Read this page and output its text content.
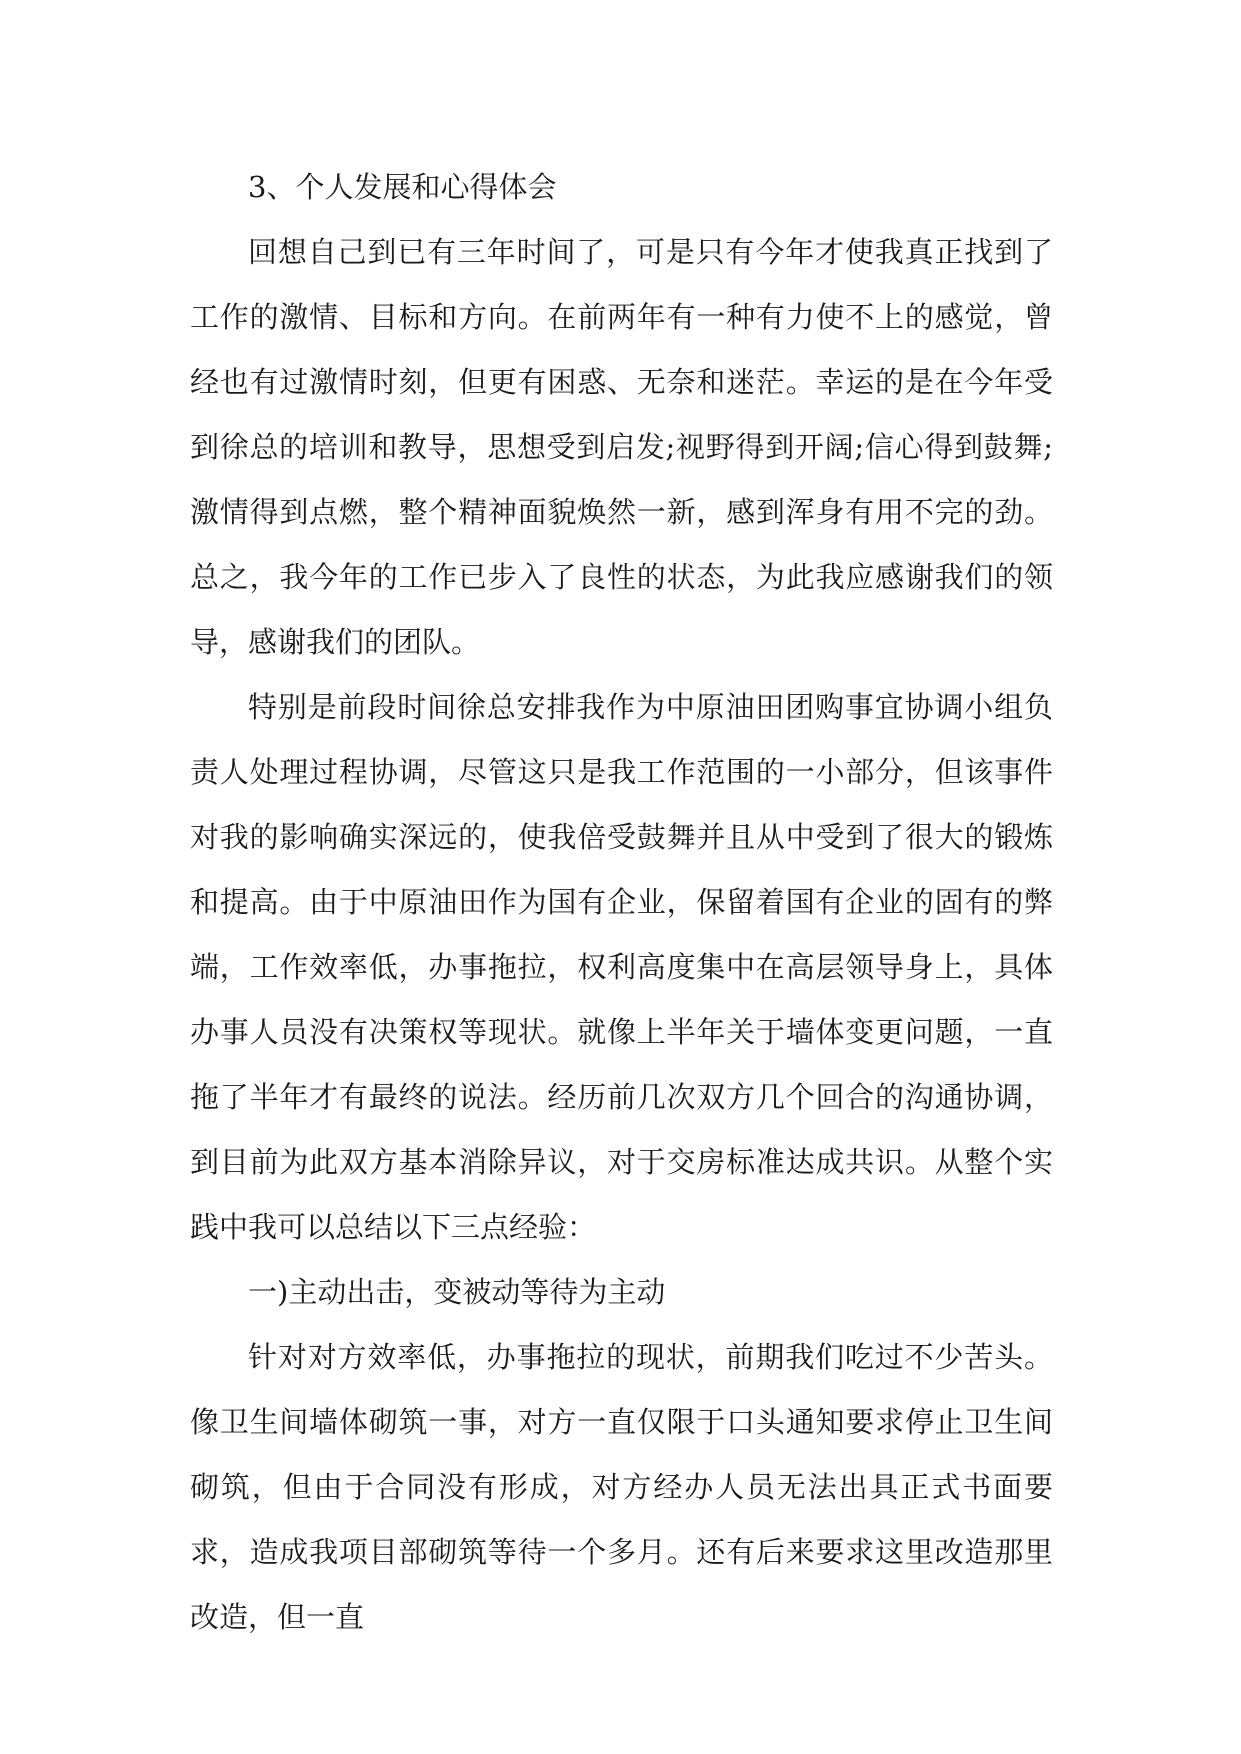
3、个人发展和心得体会

回想自己到已有三年时间了，可是只有今年才使我真正找到了工作的激情、目标和方向。在前两年有一种有力使不上的感觉，曾经也有过激情时刻，但更有困惑、无奈和迷茫。幸运的是在今年受到徐总的培训和教导，思想受到启发;视野得到开阔;信心得到鼓舞;激情得到点燃，整个精神面貌焕然一新，感到浑身有用不完的劲。总之，我今年的工作已步入了良性的状态，为此我应感谢我们的领导，感谢我们的团队。

特别是前段时间徐总安排我作为中原油田团购事宜协调小组负责人处理过程协调，尽管这只是我工作范围的一小部分，但该事件对我的影响确实深远的，使我倍受鼓舞并且从中受到了很大的锻炼和提高。由于中原油田作为国有企业，保留着国有企业的固有的弊端，工作效率低，办事拖拉，权利高度集中在高层领导身上，具体办事人员没有决策权等现状。就像上半年关于墙体变更问题，一直拖了半年才有最终的说法。经历前几次双方几个回合的沟通协调，到目前为此双方基本消除异议，对于交房标准达成共识。从整个实践中我可以总结以下三点经验：

一)主动出击，变被动等待为主动

针对对方效率低，办事拖拉的现状，前期我们吃过不少苦头。像卫生间墙体砌筑一事，对方一直仅限于口头通知要求停止卫生间砌筑，但由于合同没有形成，对方经办人员无法出具正式书面要求，造成我项目部砌筑等待一个多月。还有后来要求这里改造那里改造，但一直
